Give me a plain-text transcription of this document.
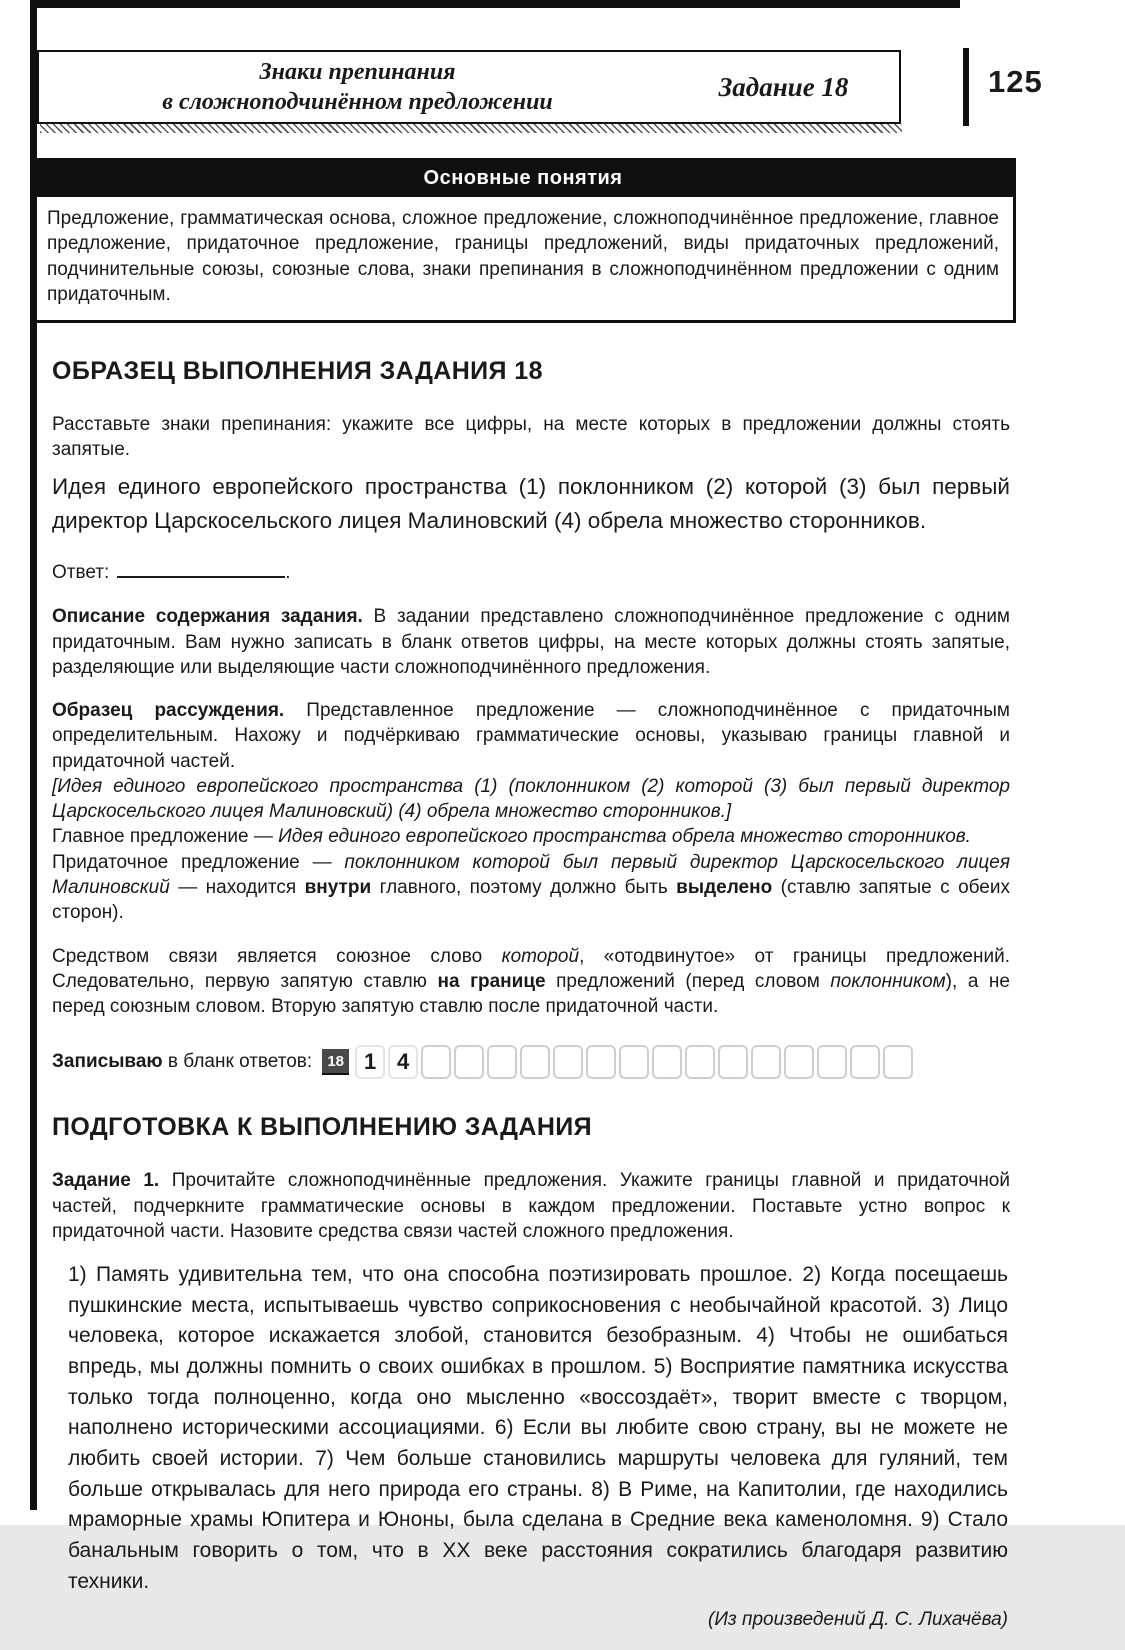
Знаки препинания
в сложноподчинённом предложении
Задание 18	125
Основные понятия
Предложение, грамматическая основа, сложное предложение, сложноподчинённое предложение, главное предложение, придаточное предложение, границы предложений, виды придаточных предложений, подчинительные союзы, союзные слова, знаки препинания в сложноподчинённом предложении с одним придаточным.
ОБРАЗЕЦ ВЫПОЛНЕНИЯ ЗАДАНИЯ 18

Расставьте знаки препинания: укажите все цифры, на месте которых в предложении должны стоять запятые.

Идея единого европейского пространства (1) поклонником (2) которой (3) был первый директор Царскосельского лицея Малиновский (4) обрела множество сторонников.

Ответ:	.

Описание содержания задания. В задании представлено сложноподчинённое предложение с одним придаточным. Вам нужно записать в бланк ответов цифры, на месте которых должны стоять запятые, разделяющие или выделяющие части сложноподчинённого предложения.

Образец рассуждения. Представленное предложение — сложноподчинённое с придаточным определительным. Нахожу и подчёркиваю грамматические основы, указываю границы главной и придаточной частей.

[Идея единого европейского пространства (1) (поклонником (2) которой (3) был первый директор Царскосельского лицея Малиновский) (4) обрела множество сторонников.]

Главное предложение — Идея единого европейского пространства обрела множество сторонников.

Придаточное предложение — поклонником которой был первый директор Царскосельского лицея Малиновский — находится внутри главного, поэтому должно быть выделено (ставлю запятые с обеих сторон).

Средством связи является союзное слово которой, «отодвинутое» от границы предложений. Следовательно, первую запятую ставлю на границе предложений (перед словом поклонником), а не перед союзным словом. Вторую запятую ставлю после придаточной части.

Записываю в бланк ответов:	18 1 4
ПОДГОТОВКА К ВЫПОЛНЕНИЮ ЗАДАНИЯ

Задание 1. Прочитайте сложноподчинённые предложения. Укажите границы главной и придаточной частей, подчеркните грамматические основы в каждом предложении. Поставьте устно вопрос к придаточной части. Назовите средства связи частей сложного предложения.

1) Память удивительна тем, что она способна поэтизировать прошлое. 2) Когда посещаешь пушкинские места, испытываешь чувство соприкосновения с необычайной красотой. 3) Лицо человека, которое искажается злобой, становится безобразным. 4) Чтобы не ошибаться впредь, мы должны помнить о своих ошибках в прошлом. 5) Восприятие памятника искусства только тогда полноценно, когда оно мысленно «воссоздаёт», творит вместе с творцом, наполнено историческими ассоциациями. 6) Если вы любите свою страну, вы не можете не любить своей истории. 7) Чем больше становились маршруты человека для гуляний, тем больше открывалась для него природа его страны. 8) В Риме, на Капитолии, где находились мраморные храмы Юпитера и Юноны, была сделана в Средние века каменоломня. 9) Стало банальным говорить о том, что в XX веке расстояния сократились благодаря развитию техники.

(Из произведений Д. С. Лихачёва)
